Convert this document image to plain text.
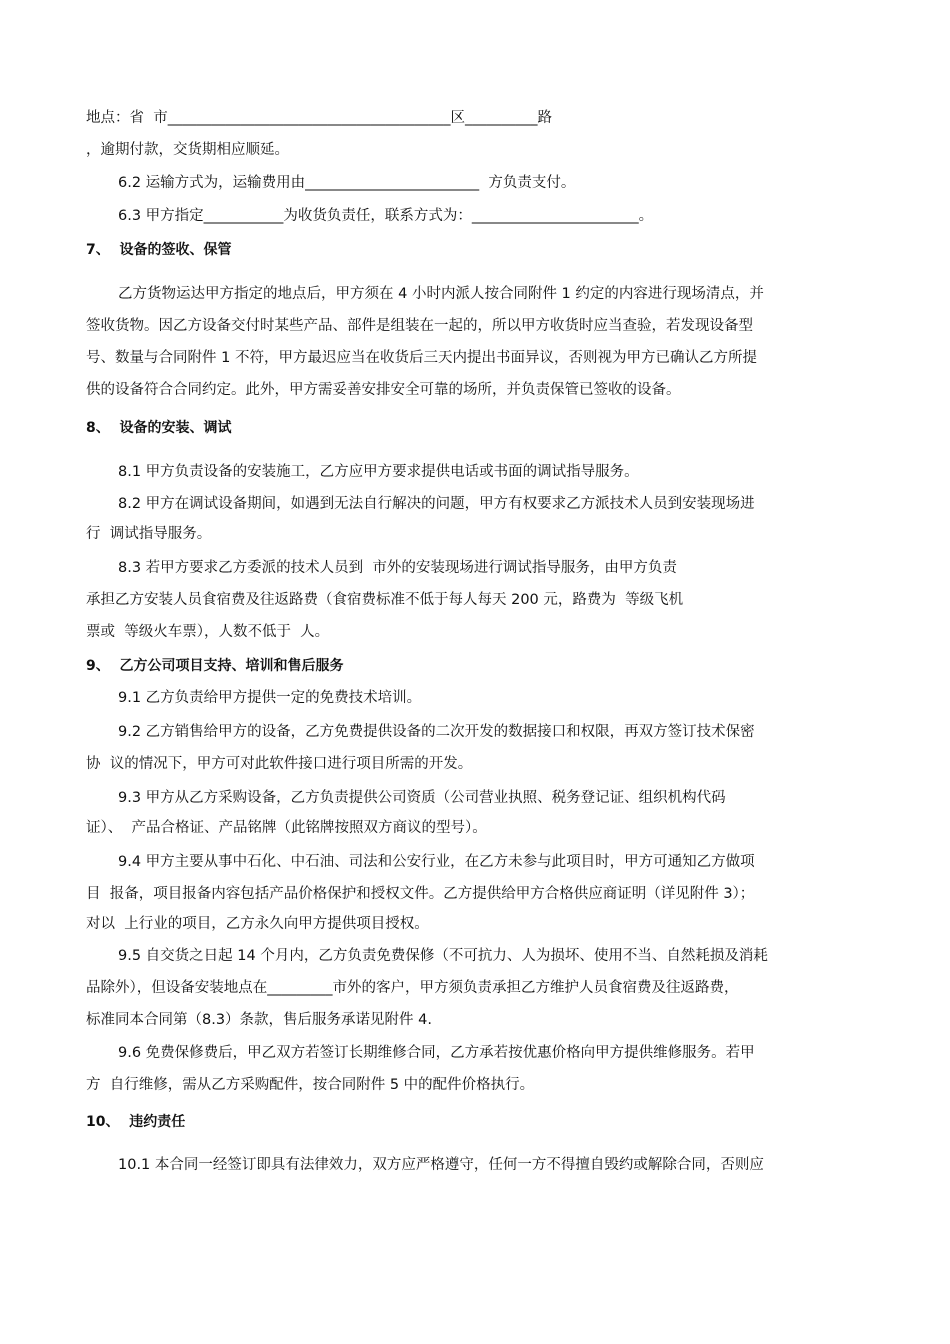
地点：省  市_______________________________________区__________路
，逾期付款，交货期相应顺延。
6.2 运输方式为，运输费用由________________________  方负责支付。
6.3 甲方指定___________为收货负责任，联系方式为：_______________________。
7、  设备的签收、保管
乙方货物运达甲方指定的地点后，甲方须在 4 小时内派人按合同附件 1 约定的内容进行现场清点，并
签收货物。因乙方设备交付时某些产品、部件是组装在一起的，所以甲方收货时应当查验，若发现设备型
号、数量与合同附件 1 不符，甲方最迟应当在收货后三天内提出书面异议，否则视为甲方已确认乙方所提
供的设备符合合同约定。此外，甲方需妥善安排安全可靠的场所，并负责保管已签收的设备。
8、  设备的安装、调试
8.1 甲方负责设备的安装施工，乙方应甲方要求提供电话或书面的调试指导服务。
8.2 甲方在调试设备期间，如遇到无法自行解决的问题，甲方有权要求乙方派技术人员到安装现场进
行  调试指导服务。
8.3 若甲方要求乙方委派的技术人员到  市外的安装现场进行调试指导服务，由甲方负责
承担乙方安装人员食宿费及往返路费（食宿费标准不低于每人每天 200 元，路费为  等级飞机
票或  等级火车票），人数不低于  人。
9、  乙方公司项目支持、培训和售后服务
9.1 乙方负责给甲方提供一定的免费技术培训。
9.2 乙方销售给甲方的设备，乙方免费提供设备的二次开发的数据接口和权限，再双方签订技术保密
协  议的情况下，甲方可对此软件接口进行项目所需的开发。
9.3 甲方从乙方采购设备，乙方负责提供公司资质（公司营业执照、税务登记证、组织机构代码
证）、  产品合格证、产品铭牌（此铭牌按照双方商议的型号）。
9.4 甲方主要从事中石化、中石油、司法和公安行业，在乙方未参与此项目时，甲方可通知乙方做项
目  报备，项目报备内容包括产品价格保护和授权文件。乙方提供给甲方合格供应商证明（详见附件 3）；
对以  上行业的项目，乙方永久向甲方提供项目授权。
9.5 自交货之日起 14 个月内，乙方负责免费保修（不可抗力、人为损坏、使用不当、自然耗损及消耗
品除外），但设备安装地点在_________市外的客户，甲方须负责承担乙方维护人员食宿费及往返路费，
标准同本合同第（8.3）条款，售后服务承诺见附件 4.
9.6 免费保修费后，甲乙双方若签订长期维修合同，乙方承若按优惠价格向甲方提供维修服务。若甲
方  自行维修，需从乙方采购配件，按合同附件 5 中的配件价格执行。
10、  违约责任
10.1 本合同一经签订即具有法律效力，双方应严格遵守，任何一方不得擅自毁约或解除合同，否则应
